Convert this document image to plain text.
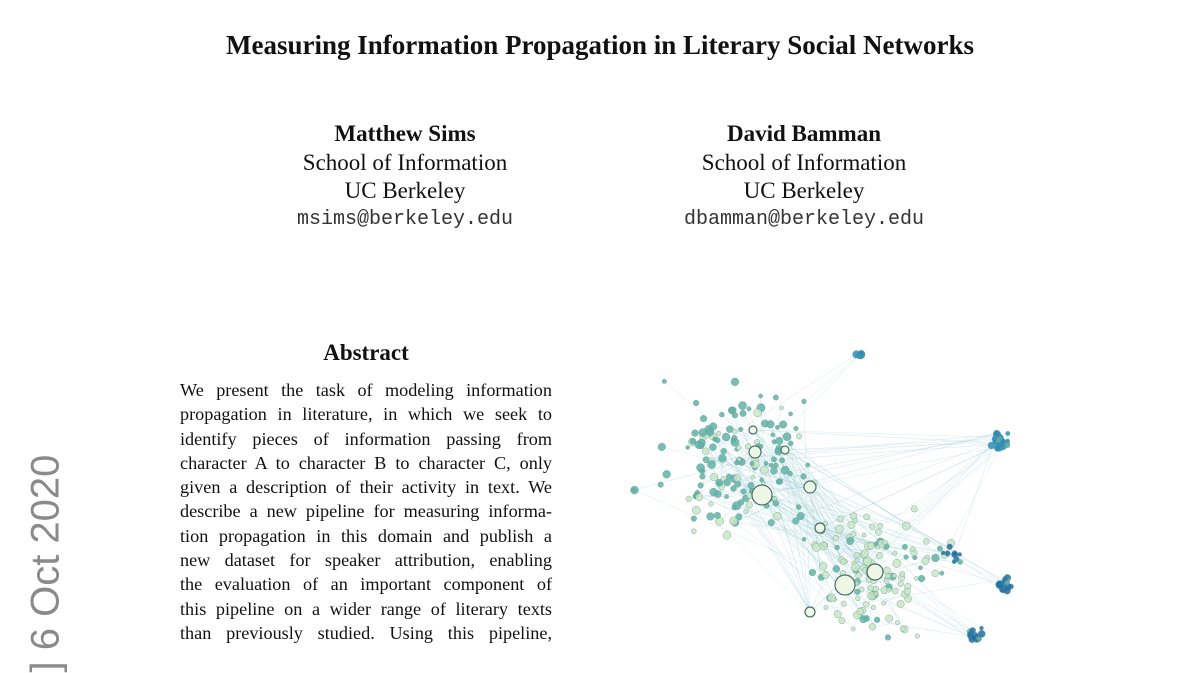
Measuring Information Propagation in Literary Social Networks
Matthew Sims
School of Information
UC Berkeley
msims@berkeley.edu
David Bamman
School of Information
UC Berkeley
dbamman@berkeley.edu
Abstract
We present the task of modeling information
propagation in literature, in which we seek to
identify pieces of information passing from
character A to character B to character C, only
given a description of their activity in text. We
describe a new pipeline for measuring informa-
tion propagation in this domain and publish a
new dataset for speaker attribution, enabling
the evaluation of an important component of
this pipeline on a wider range of literary texts
than previously studied. Using this pipeline,
] 6 Oct 2020
